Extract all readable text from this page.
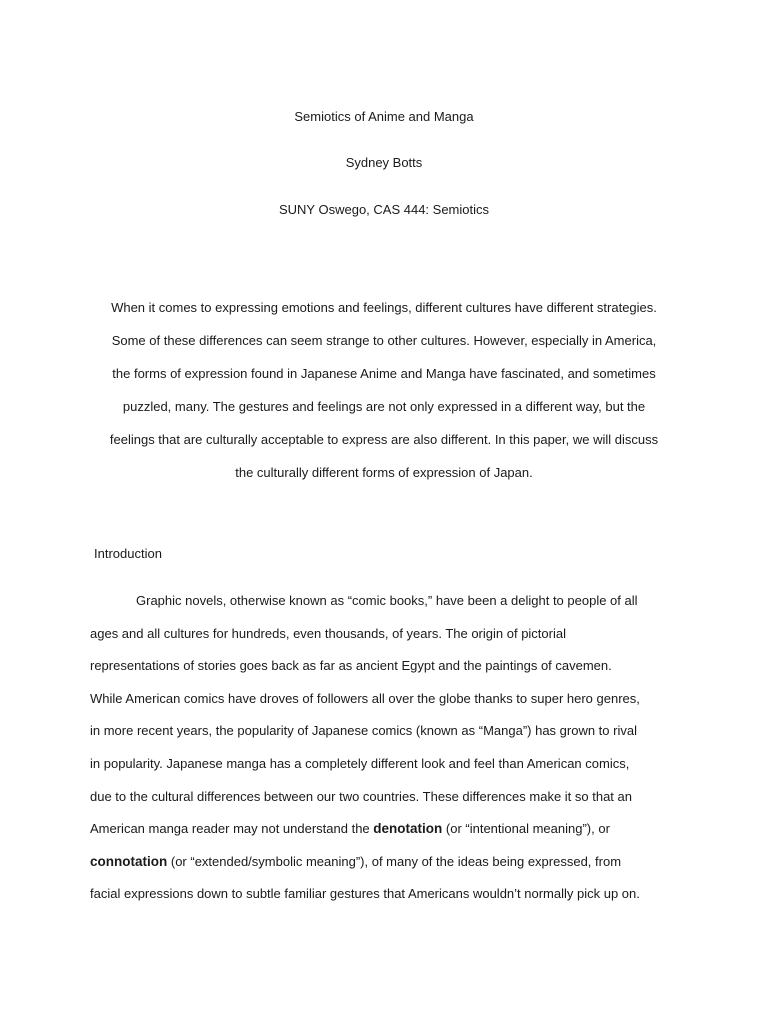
Semiotics of Anime and Manga
Sydney Botts
SUNY Oswego, CAS 444: Semiotics
When it comes to expressing emotions and feelings, different cultures have different strategies.
Some of these differences can seem strange to other cultures. However, especially in America,
the forms of expression found in Japanese Anime and Manga have fascinated, and sometimes
puzzled, many. The gestures and feelings are not only expressed in a different way, but the
feelings that are culturally acceptable to express are also different. In this paper, we will discuss
the culturally different forms of expression of Japan.
Introduction
Graphic novels, otherwise known as “comic books,” have been a delight to people of all
ages and all cultures for hundreds, even thousands, of years. The origin of pictorial
representations of stories goes back as far as ancient Egypt and the paintings of cavemen.
While American comics have droves of followers all over the globe thanks to super hero genres,
in more recent years, the popularity of Japanese comics (known as “Manga”) has grown to rival
in popularity. Japanese manga has a completely different look and feel than American comics,
due to the cultural differences between our two countries. These differences make it so that an
American manga reader may not understand the denotation (or “intentional meaning”), or
connotation (or “extended/symbolic meaning”), of many of the ideas being expressed, from
facial expressions down to subtle familiar gestures that Americans wouldn’t normally pick up on.
